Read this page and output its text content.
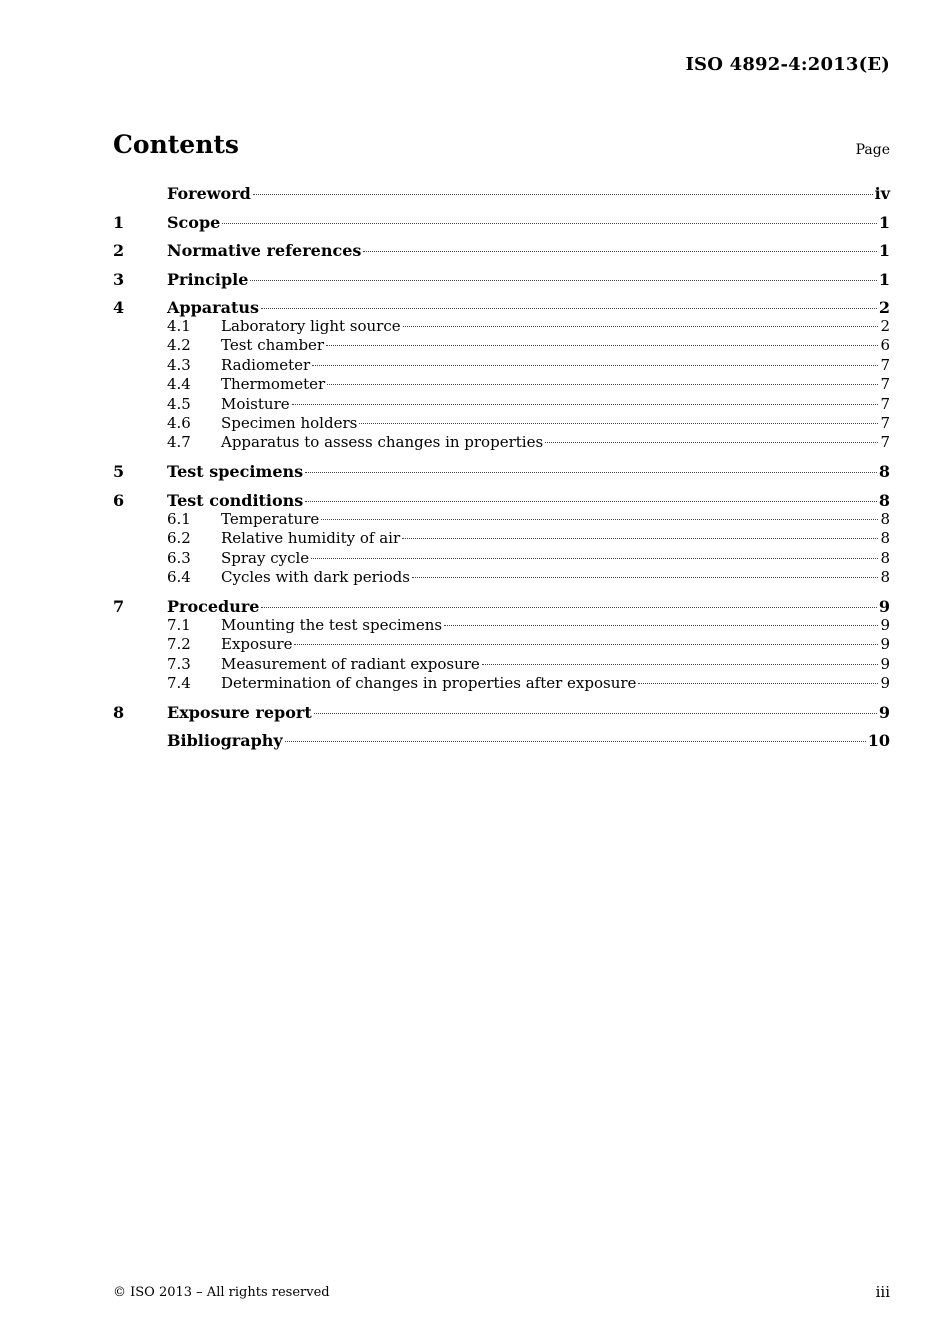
ISO 4892-4:2013(E)
Contents	Page
Foreword	iv
1	Scope	1
2	Normative references	1
3	Principle	1
4	Apparatus	2
4.1	Laboratory light source	2
4.2	Test chamber	6
4.3	Radiometer	7
4.4	Thermometer	7
4.5	Moisture	7
4.6	Specimen holders	7
4.7	Apparatus to assess changes in properties	7
5	Test specimens	8
6	Test conditions	8
6.1	Temperature	8
6.2	Relative humidity of air	8
6.3	Spray cycle	8
6.4	Cycles with dark periods	8
7	Procedure	9
7.1	Mounting the test specimens	9
7.2	Exposure	9
7.3	Measurement of radiant exposure	9
7.4	Determination of changes in properties after exposure	9
8	Exposure report	9
Bibliography	10
© ISO 2013 – All rights reserved	iii
